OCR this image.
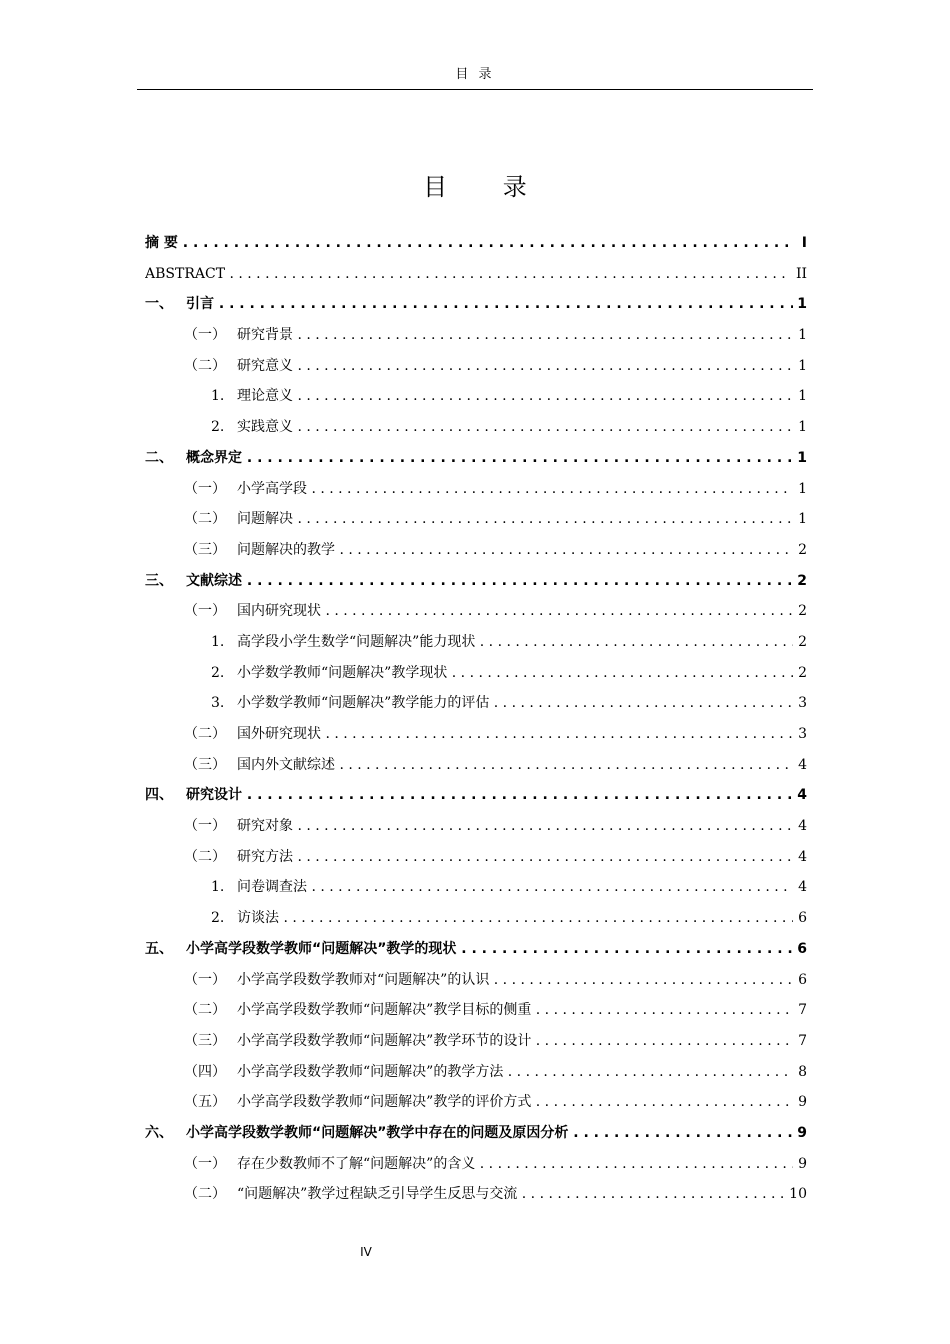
目 录
目 录
摘 要 . . .	I
ABSTRACT . . .	II
一、 引言 . . .	1
（一） 研究背景 . . .	1
（二） 研究意义 . . .	1
1. 理论意义 . . .	1
2. 实践意义 . . .	1
二、 概念界定 . . .	1
（一） 小学高学段 . . .	1
（二） 问题解决 . . .	1
（三） 问题解决的教学 . . .	2
三、 文献综述 . . .	2
（一） 国内研究现状 . . .	2
1. 高学段小学生数学“问题解决”能力现状 . . .	2
2. 小学数学教师“问题解决”教学现状 . . .	2
3. 小学数学教师“问题解决”教学能力的评估 . . .	3
（二） 国外研究现状 . . .	3
（三） 国内外文献综述 . . .	4
四、 研究设计 . . .	4
（一） 研究对象 . . .	4
（二） 研究方法 . . .	4
1. 问卷调查法 . . .	4
2. 访谈法 . . .	6
五、 小学高学段数学教师“问题解决”教学的现状 . . .	6
（一） 小学高学段数学教师对“问题解决”的认识 . . .	6
（二） 小学高学段数学教师“问题解决”教学目标的侧重 . . .	7
（三） 小学高学段数学教师“问题解决”教学环节的设计 . . .	7
（四） 小学高学段数学教师“问题解决”的教学方法 . . .	8
（五） 小学高学段数学教师“问题解决”教学的评价方式 . . .	9
六、 小学高学段数学教师“问题解决”教学中存在的问题及原因分析 . . .	9
（一） 存在少数教师不了解“问题解决”的含义 . . .	9
（二） “问题解决”教学过程缺乏引导学生反思与交流 . . .	10
IV
